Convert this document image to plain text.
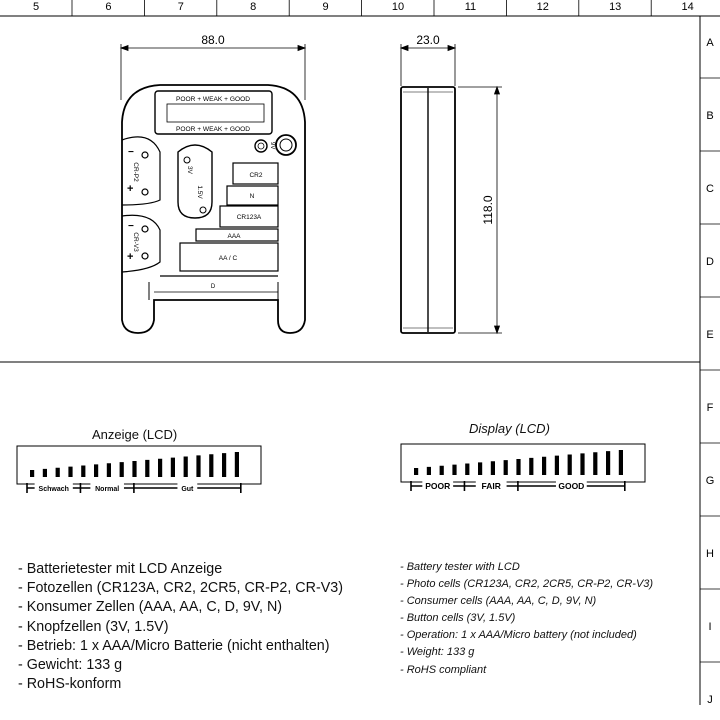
5	6	7	8	9	10	11	12	13	14
A
B
C
D
E
F
G
H
I
J
88.0	23.0
118.0
POOR + WEAK + GOOD
POOR + WEAK + GOOD
9V
CR-P2
CR-V3
−
+
−
+
3V
1.5V
CR2
N
CR123A
AAA
AA / C
D
Schwach	Normal	Gut	POOR	FAIR	GOOD
Anzeige (LCD)	Display (LCD)
- Batterietester mit LCD Anzeige
- Fotozellen (CR123A, CR2, 2CR5, CR-P2, CR-V3)
- Konsumer Zellen (AAA, AA, C, D, 9V, N)
- Knopfzellen (3V, 1.5V)
- Betrieb: 1 x AAA/Micro Batterie (nicht enthalten)
- Gewicht: 133 g
- RoHS-konform
- Battery tester with LCD
- Photo cells (CR123A, CR2, 2CR5, CR-P2, CR-V3)
- Consumer cells (AAA, AA, C, D, 9V, N)
- Button cells (3V, 1.5V)
- Operation: 1 x AAA/Micro battery (not included)
- Weight: 133 g
- RoHS compliant
